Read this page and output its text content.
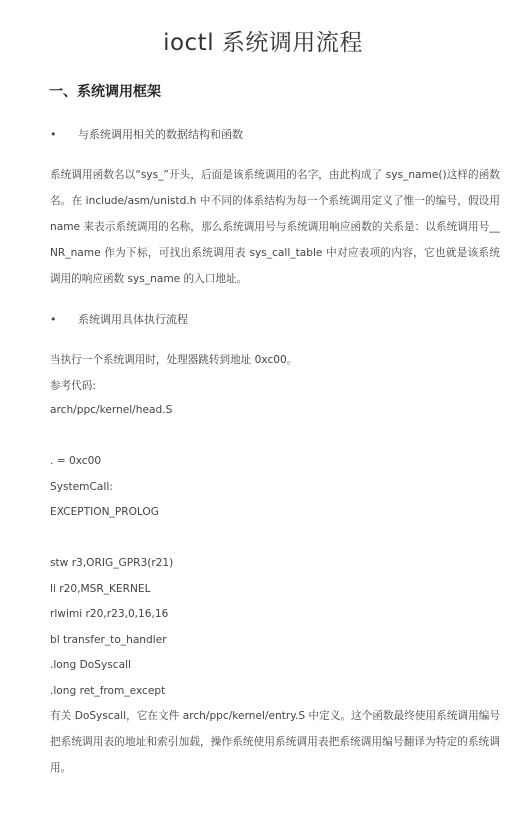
ioctl 系统调用流程
一、系统调用框架
• 与系统调用相关的数据结构和函数
系统调用函数名以“sys_”开头，后面是该系统调用的名字，由此构成了 sys_name()这样的函数名。在 include/asm/unistd.h 中不同的体系结构为每一个系统调用定义了惟一的编号，假设用 name 来表示系统调用的名称，那么系统调用号与系统调用响应函数的关系是：以系统调用号__NR_name 作为下标，可找出系统调用表 sys_call_table 中对应表项的内容，它也就是该系统调用的响应函数 sys_name 的入口地址。
• 系统调用具体执行流程
当执行一个系统调用时，处理器跳转到地址 0xc00。
参考代码:
arch/ppc/kernel/head.S
. = 0xc00
SystemCall:
EXCEPTION_PROLOG
stw r3,ORIG_GPR3(r21)
li r20,MSR_KERNEL
rlwimi r20,r23,0,16,16
bl transfer_to_handler
.long DoSyscall
.long ret_from_except
有关 DoSyscall，它在文件 arch/ppc/kernel/entry.S 中定义。这个函数最终使用系统调用编号把系统调用表的地址和索引加载，操作系统使用系统调用表把系统调用编号翻译为特定的系统调用。
